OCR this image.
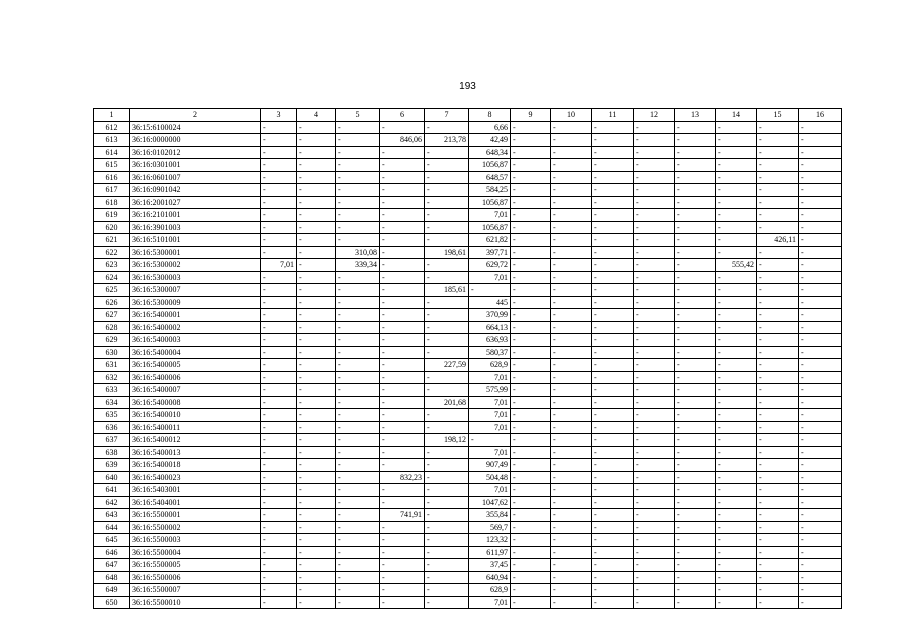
193
1	2	3	4	5	6	7	8	9	10	11	12	13	14	15	16
612	36:15:6100024	-	-	-	-	-	6,66	-	-	-	-	-	-	-	-
613	36:16:0000000	-	-	-	846,06	213,78	42,49	-	-	-	-	-	-	-	-
614	36:16:0102012	-	-	-	-	-	648,34	-	-	-	-	-	-	-	-
615	36:16:0301001	-	-	-	-	-	1056,87	-	-	-	-	-	-	-	-
616	36:16:0601007	-	-	-	-	-	648,57	-	-	-	-	-	-	-	-
617	36:16:0901042	-	-	-	-	-	584,25	-	-	-	-	-	-	-	-
618	36:16:2001027	-	-	-	-	-	1056,87	-	-	-	-	-	-	-	-
619	36:16:2101001	-	-	-	-	-	7,01	-	-	-	-	-	-	-	-
620	36:16:3901003	-	-	-	-	-	1056,87	-	-	-	-	-	-	-	-
621	36:16:5101001	-	-	-	-	-	621,82	-	-	-	-	-	-	426,11	-
622	36:16:5300001	-	-	310,08	-	198,61	397,71	-	-	-	-	-	-	-	-
623	36:16:5300002	7,01	-	339,34	-	-	629,72	-	-	-	-	-	555,42	-	-
624	36:16:5300003	-	-	-	-	-	7,01	-	-	-	-	-	-	-	-
625	36:16:5300007	-	-	-	-	185,61	-	-	-	-	-	-	-	-	-
626	36:16:5300009	-	-	-	-	-	445	-	-	-	-	-	-	-	-
627	36:16:5400001	-	-	-	-	-	370,99	-	-	-	-	-	-	-	-
628	36:16:5400002	-	-	-	-	-	664,13	-	-	-	-	-	-	-	-
629	36:16:5400003	-	-	-	-	-	636,93	-	-	-	-	-	-	-	-
630	36:16:5400004	-	-	-	-	-	580,37	-	-	-	-	-	-	-	-
631	36:16:5400005	-	-	-	-	227,59	628,9	-	-	-	-	-	-	-	-
632	36:16:5400006	-	-	-	-	-	7,01	-	-	-	-	-	-	-	-
633	36:16:5400007	-	-	-	-	-	575,99	-	-	-	-	-	-	-	-
634	36:16:5400008	-	-	-	-	201,68	7,01	-	-	-	-	-	-	-	-
635	36:16:5400010	-	-	-	-	-	7,01	-	-	-	-	-	-	-	-
636	36:16:5400011	-	-	-	-	-	7,01	-	-	-	-	-	-	-	-
637	36:16:5400012	-	-	-	-	198,12	-	-	-	-	-	-	-	-	-
638	36:16:5400013	-	-	-	-	-	7,01	-	-	-	-	-	-	-	-
639	36:16:5400018	-	-	-	-	-	907,49	-	-	-	-	-	-	-	-
640	36:16:5400023	-	-	-	832,23	-	504,48	-	-	-	-	-	-	-	-
641	36:16:5403001	-	-	-	-	-	7,01	-	-	-	-	-	-	-	-
642	36:16:5404001	-	-	-	-	-	1047,62	-	-	-	-	-	-	-	-
643	36:16:5500001	-	-	-	741,91	-	355,84	-	-	-	-	-	-	-	-
644	36:16:5500002	-	-	-	-	-	569,7	-	-	-	-	-	-	-	-
645	36:16:5500003	-	-	-	-	-	123,32	-	-	-	-	-	-	-	-
646	36:16:5500004	-	-	-	-	-	611,97	-	-	-	-	-	-	-	-
647	36:16:5500005	-	-	-	-	-	37,45	-	-	-	-	-	-	-	-
648	36:16:5500006	-	-	-	-	-	640,94	-	-	-	-	-	-	-	-
649	36:16:5500007	-	-	-	-	-	628,9	-	-	-	-	-	-	-	-
650	36:16:5500010	-	-	-	-	-	7,01	-	-	-	-	-	-	-	-
